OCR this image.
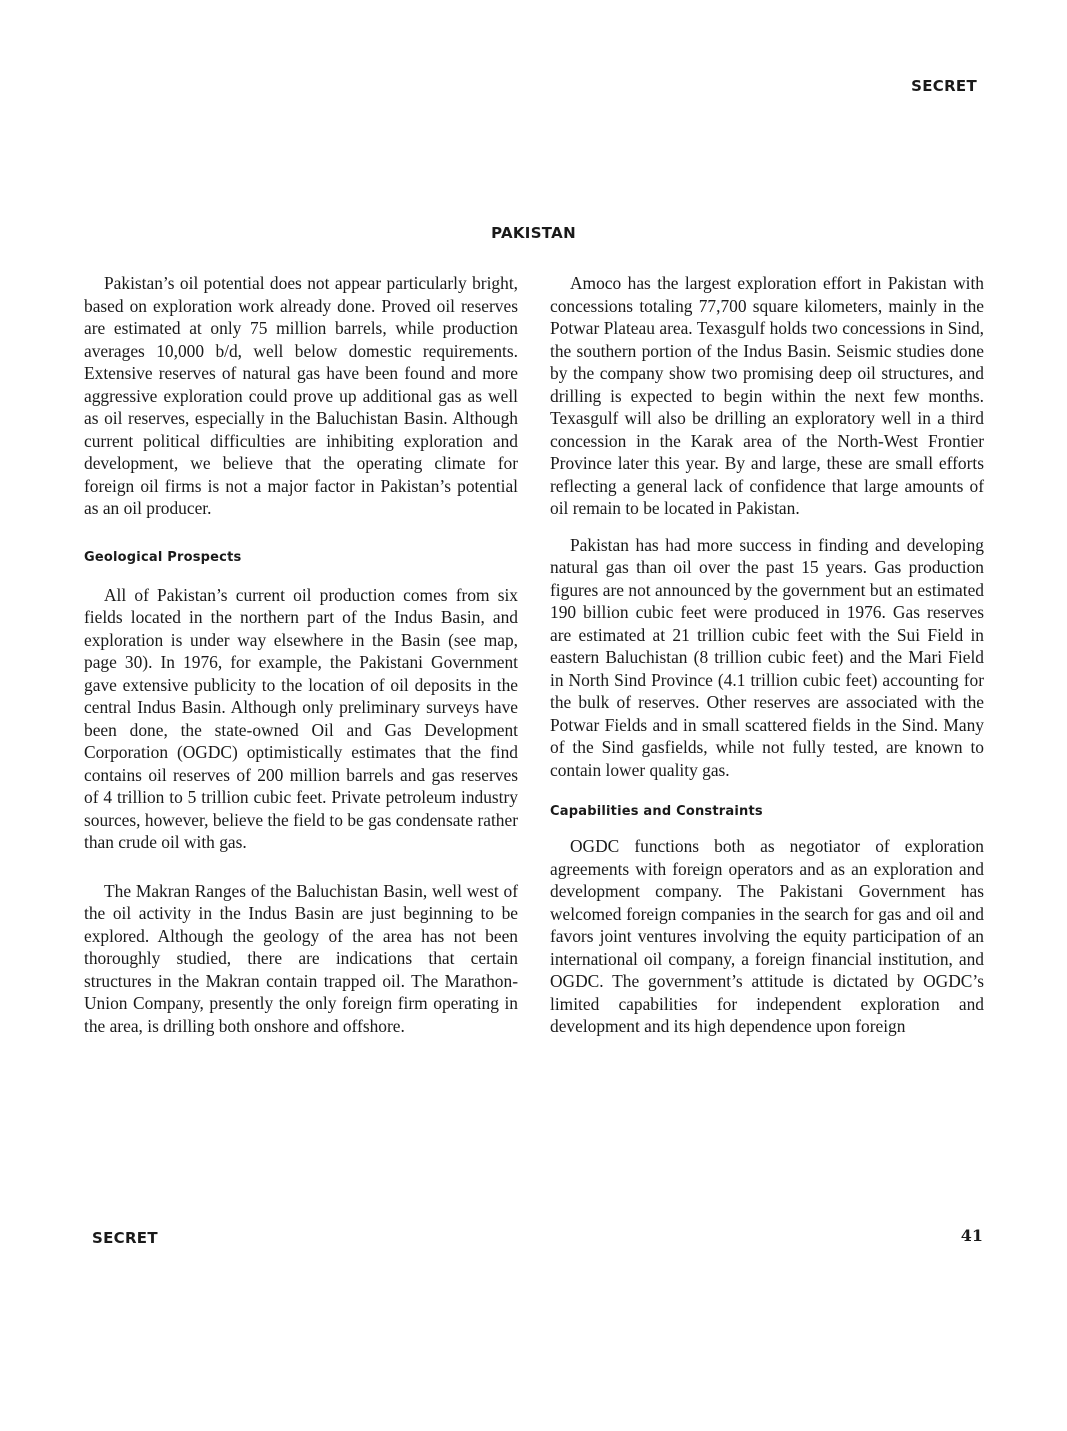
SECRET
PAKISTAN

Pakistan’s oil potential does not appear particularly bright, based on exploration work already done. Proved oil reserves are estimated at only 75 million barrels, while production averages 10,000 b/d, well below domestic requirements. Extensive reserves of natural gas have been found and more aggressive exploration could prove up additional gas as well as oil reserves, especially in the Baluchistan Basin. Although current political difficulties are inhibiting exploration and development, we believe that the operating climate for foreign oil firms is not a major factor in Pakistan’s potential as an oil producer.

Geological Prospects

All of Pakistan’s current oil production comes from six fields located in the northern part of the Indus Basin, and exploration is under way elsewhere in the Basin (see map, page 30). In 1976, for example, the Pakistani Government gave extensive publicity to the location of oil deposits in the central Indus Basin. Although only preliminary surveys have been done, the state-owned Oil and Gas Development Corporation (OGDC) optimistically estimates that the find contains oil reserves of 200 million barrels and gas reserves of 4 trillion to 5 trillion cubic feet. Private petroleum industry sources, however, believe the field to be gas condensate rather than crude oil with gas.

The Makran Ranges of the Baluchistan Basin, well west of the oil activity in the Indus Basin are just beginning to be explored. Although the geology of the area has not been thoroughly studied, there are indications that certain structures in the Makran contain trapped oil. The Marathon-Union Company, presently the only foreign firm operating in the area, is drilling both onshore and offshore.

Amoco has the largest exploration effort in Pakistan with concessions totaling 77,700 square kilometers, mainly in the Potwar Plateau area. Texasgulf holds two concessions in Sind, the southern portion of the Indus Basin. Seismic studies done by the company show two promising deep oil structures, and drilling is expected to begin within the next few months. Texasgulf will also be drilling an exploratory well in a third concession in the Karak area of the North-West Frontier Province later this year. By and large, these are small efforts reflecting a general lack of confidence that large amounts of oil remain to be located in Pakistan.

Pakistan has had more success in finding and developing natural gas than oil over the past 15 years. Gas production figures are not announced by the government but an estimated 190 billion cubic feet were produced in 1976. Gas reserves are estimated at 21 trillion cubic feet with the Sui Field in eastern Baluchistan (8 trillion cubic feet) and the Mari Field in North Sind Province (4.1 trillion cubic feet) accounting for the bulk of reserves. Other reserves are associated with the Potwar Fields and in small scattered fields in the Sind. Many of the Sind gasfields, while not fully tested, are known to contain lower quality gas.

Capabilities and Constraints

OGDC functions both as negotiator of exploration agreements with foreign operators and as an exploration and development company. The Pakistani Government has welcomed foreign companies in the search for gas and oil and favors joint ventures involving the equity participation of an international oil company, a foreign financial institution, and OGDC. The government’s attitude is dictated by OGDC’s limited capabilities for independent exploration and development and its high dependence upon foreign

SECRET	41
